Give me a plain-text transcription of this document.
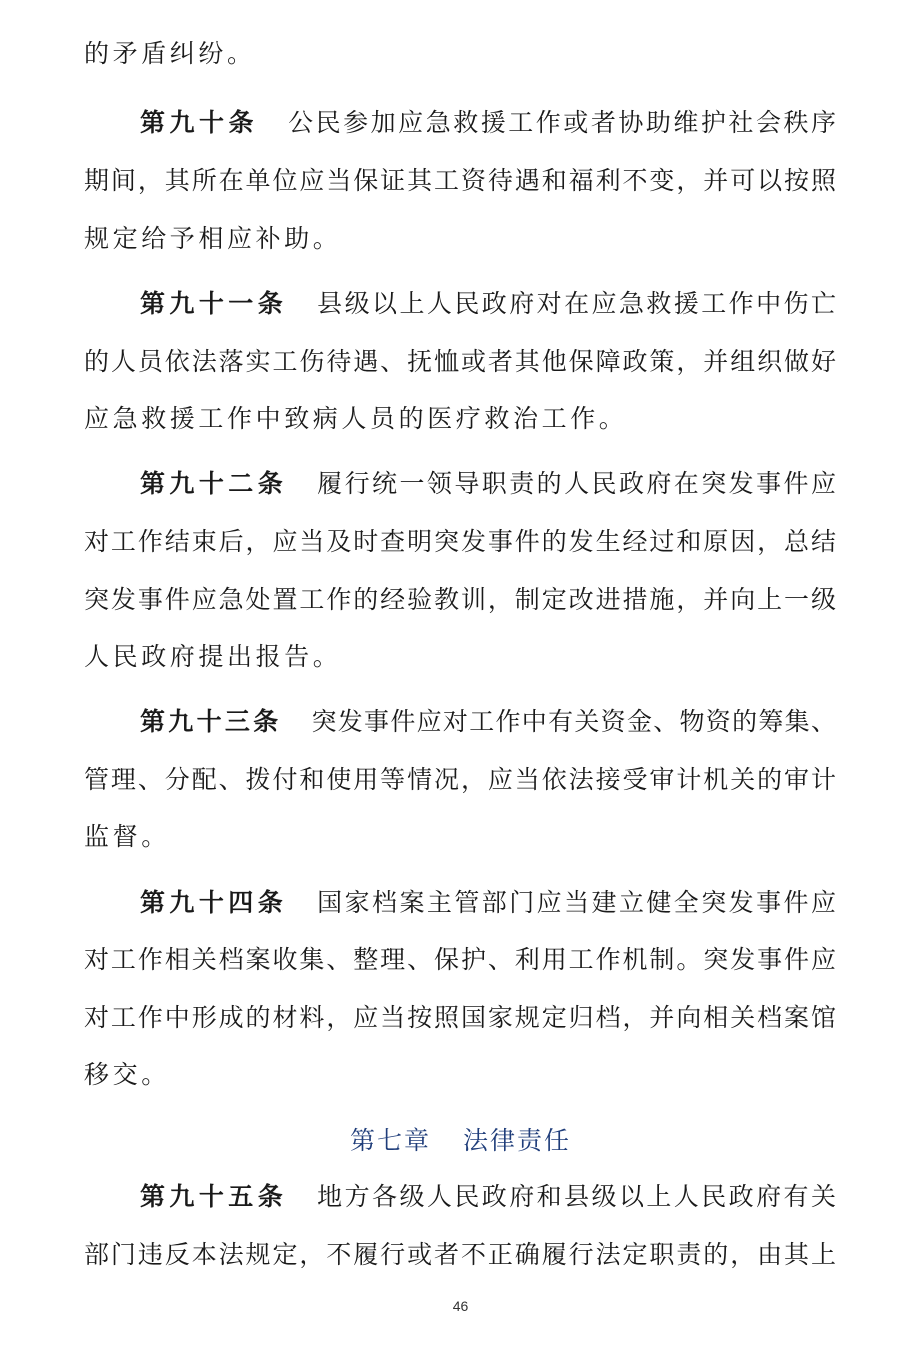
的矛盾纠纷。
第九十条 公民参加应急救援工作或者协助维护社会秩序
期间，其所在单位应当保证其工资待遇和福利不变，并可以按照
规定给予相应补助。
第九十一条 县级以上人民政府对在应急救援工作中伤亡
的人员依法落实工伤待遇、抚恤或者其他保障政策，并组织做好
应急救援工作中致病人员的医疗救治工作。
第九十二条 履行统一领导职责的人民政府在突发事件应
对工作结束后，应当及时查明突发事件的发生经过和原因，总结
突发事件应急处置工作的经验教训，制定改进措施，并向上一级
人民政府提出报告。
第九十三条 突发事件应对工作中有关资金、物资的筹集、
管理、分配、拨付和使用等情况，应当依法接受审计机关的审计
监督。
第九十四条 国家档案主管部门应当建立健全突发事件应
对工作相关档案收集、整理、保护、利用工作机制。突发事件应
对工作中形成的材料，应当按照国家规定归档，并向相关档案馆
移交。
第七章 法律责任
第九十五条 地方各级人民政府和县级以上人民政府有关
部门违反本法规定，不履行或者不正确履行法定职责的，由其上
46
